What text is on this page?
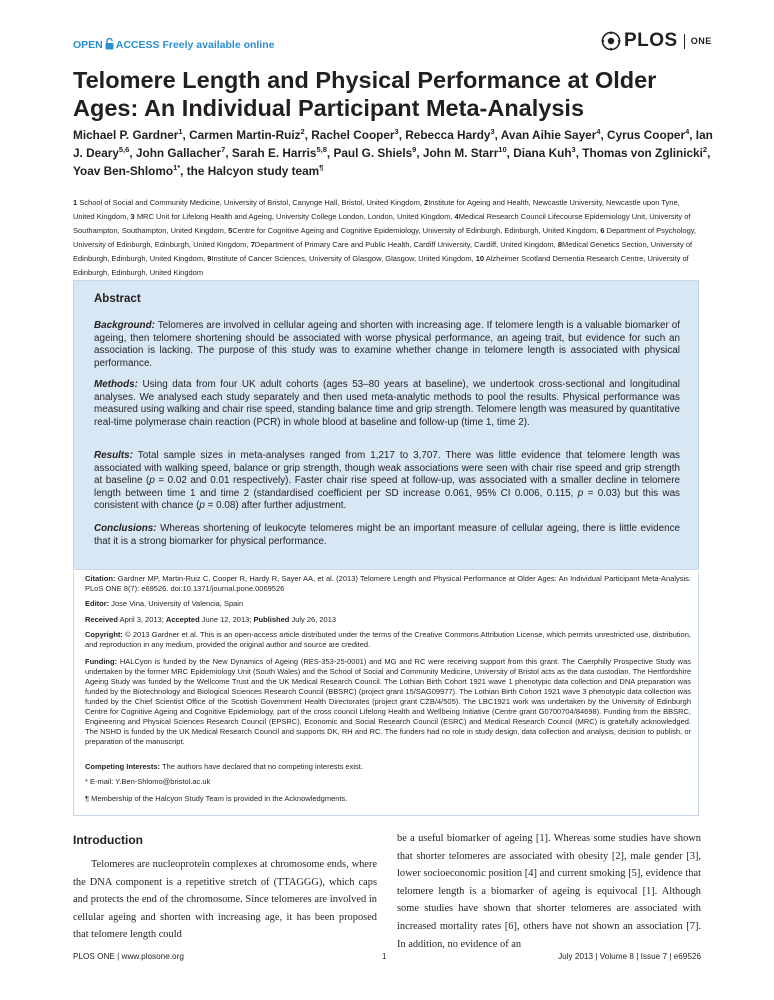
OPEN ACCESS Freely available online	PLOS ONE
Telomere Length and Physical Performance at Older Ages: An Individual Participant Meta-Analysis
Michael P. Gardner$^1$, Carmen Martin-Ruiz$^2$, Rachel Cooper$^3$, Rebecca Hardy$^3$, Avan Aihie Sayer$^4$, Cyrus Cooper$^4$, Ian J. Deary$^{5,6}$, John Gallacher$^7$, Sarah E. Harris$^{5,8}$, Paul G. Shiels$^9$, John M. Starr$^{10}$, Diana Kuh$^3$, Thomas von Zglinicki$^2$, Yoav Ben-Shlomo$^{1*}$, the Halcyon study team¶
1 School of Social and Community Medicine, University of Bristol, Canynge Hall, Bristol, United Kingdom, 2Institute for Ageing and Health, Newcastle University, Newcastle upon Tyne, United Kingdom, 3 MRC Unit for Lifelong Health and Ageing, University College London, London, United Kingdom, 4Medical Research Council Lifecourse Epidemiology Unit, University of Southampton, Southampton, United Kingdom, 5Centre for Cognitive Ageing and Cognitive Epidemiology, University of Edinburgh, Edinburgh, United Kingdom, 6 Department of Psychology, University of Edinburgh, Edinburgh, United Kingdom, 7Department of Primary Care and Public Health, Cardiff University, Cardiff, United Kingdom, 8Medical Genetics Section, University of Edinburgh, Edinburgh, United Kingdom, 9Institute of Cancer Sciences, University of Glasgow, Glasgow, United Kingdom, 10 Alzheimer Scotland Dementia Research Centre, University of Edinburgh, Edinburgh, United Kingdom
Abstract
Background: Telomeres are involved in cellular ageing and shorten with increasing age. If telomere length is a valuable biomarker of ageing, then telomere shortening should be associated with worse physical performance, an ageing trait, but evidence for such an association is lacking. The purpose of this study was to examine whether change in telomere length is associated with physical performance.
Methods: Using data from four UK adult cohorts (ages 53–80 years at baseline), we undertook cross-sectional and longitudinal analyses. We analysed each study separately and then used meta-analytic methods to pool the results. Physical performance was measured using walking and chair rise speed, standing balance time and grip strength. Telomere length was measured by quantitative real-time polymerase chain reaction (PCR) in whole blood at baseline and follow-up (time 1, time 2).
Results: Total sample sizes in meta-analyses ranged from 1,217 to 3,707. There was little evidence that telomere length was associated with walking speed, balance or grip strength, though weak associations were seen with chair rise speed and grip strength at baseline (p = 0.02 and 0.01 respectively). Faster chair rise speed at follow-up, was associated with a smaller decline in telomere length between time 1 and time 2 (standardised coefficient per SD increase 0.061, 95% CI 0.006, 0.115, p = 0.03) but this was consistent with chance (p = 0.08) after further adjustment.
Conclusions: Whereas shortening of leukocyte telomeres might be an important measure of cellular ageing, there is little evidence that it is a strong biomarker for physical performance.
Citation: Gardner MP, Martin-Ruiz C, Cooper R, Hardy R, Sayer AA, et al. (2013) Telomere Length and Physical Performance at Older Ages: An Individual Participant Meta-Analysis. PLoS ONE 8(7): e69526. doi:10.1371/journal.pone.0069526
Editor: Jose Vina, University of Valencia, Spain
Received April 3, 2013; Accepted June 12, 2013; Published July 26, 2013
Copyright: © 2013 Gardner et al. This is an open-access article distributed under the terms of the Creative Commons Attribution License, which permits unrestricted use, distribution, and reproduction in any medium, provided the original author and source are credited.
Funding: HALCyon is funded by the New Dynamics of Ageing (RES-353-25-0001) and MG and RC were receiving support from this grant. The Caerphilly Prospective Study was undertaken by the former MRC Epidemiology Unit (South Wales) and the School of Social and Community Medicine, University of Bristol acts as the data custodian. The Hertfordshire Ageing Study was funded by the Wellcome Trust and the UK Medical Research Council. The Lothian Birth Cohort 1921 wave 1 phenotypic data collection and DNA preparation was funded by the Biotechnology and Biological Sciences Research Council (BBSRC) (project grant 15/SAG09977). The Lothian Birth Cohort 1921 wave 3 phenotypic data collection was funded by the Chief Scientist Office of the Scottish Government Health Directorates (project grant CZB/4/505). The LBC1921 work was undertaken by the University of Edinburgh Centre for Cognitive Ageing and Cognitive Epidemiology, part of the cross council Lifelong Health and Wellbeing Initiative (Centre grant G0700704/84698). Funding from the BBSRC, Engineering and Physical Sciences Research Council (EPSRC), Economic and Social Research Council (ESRC) and Medical Research Council (MRC) is gratefully acknowledged. The NSHD is funded by the UK Medical Research Council and supports DK, RH and RC. The funders had no role in study design, data collection and analysis, decision to publish, or preparation of the manuscript.
Competing Interests: The authors have declared that no competing interests exist.
* E-mail: Y.Ben-Shlomo@bristol.ac.uk
¶ Membership of the Halcyon Study Team is provided in the Acknowledgments.
Introduction
Telomeres are nucleoprotein complexes at chromosome ends, where the DNA component is a repetitive stretch of (TTAGGG), which caps and protects the end of the chromosome. Since telomeres are involved in cellular ageing and shorten with increasing age, it has been proposed that telomere length could
be a useful biomarker of ageing [1]. Whereas some studies have shown that shorter telomeres are associated with obesity [2], male gender [3], lower socioeconomic position [4] and current smoking [5], evidence that telomere length is a biomarker of ageing is equivocal [1]. Although some studies have shown that shorter telomeres are associated with increased mortality rates [6], others have not shown an association [7]. In addition, no evidence of an
PLOS ONE | www.plosone.org	1	July 2013 | Volume 8 | Issue 7 | e69526
